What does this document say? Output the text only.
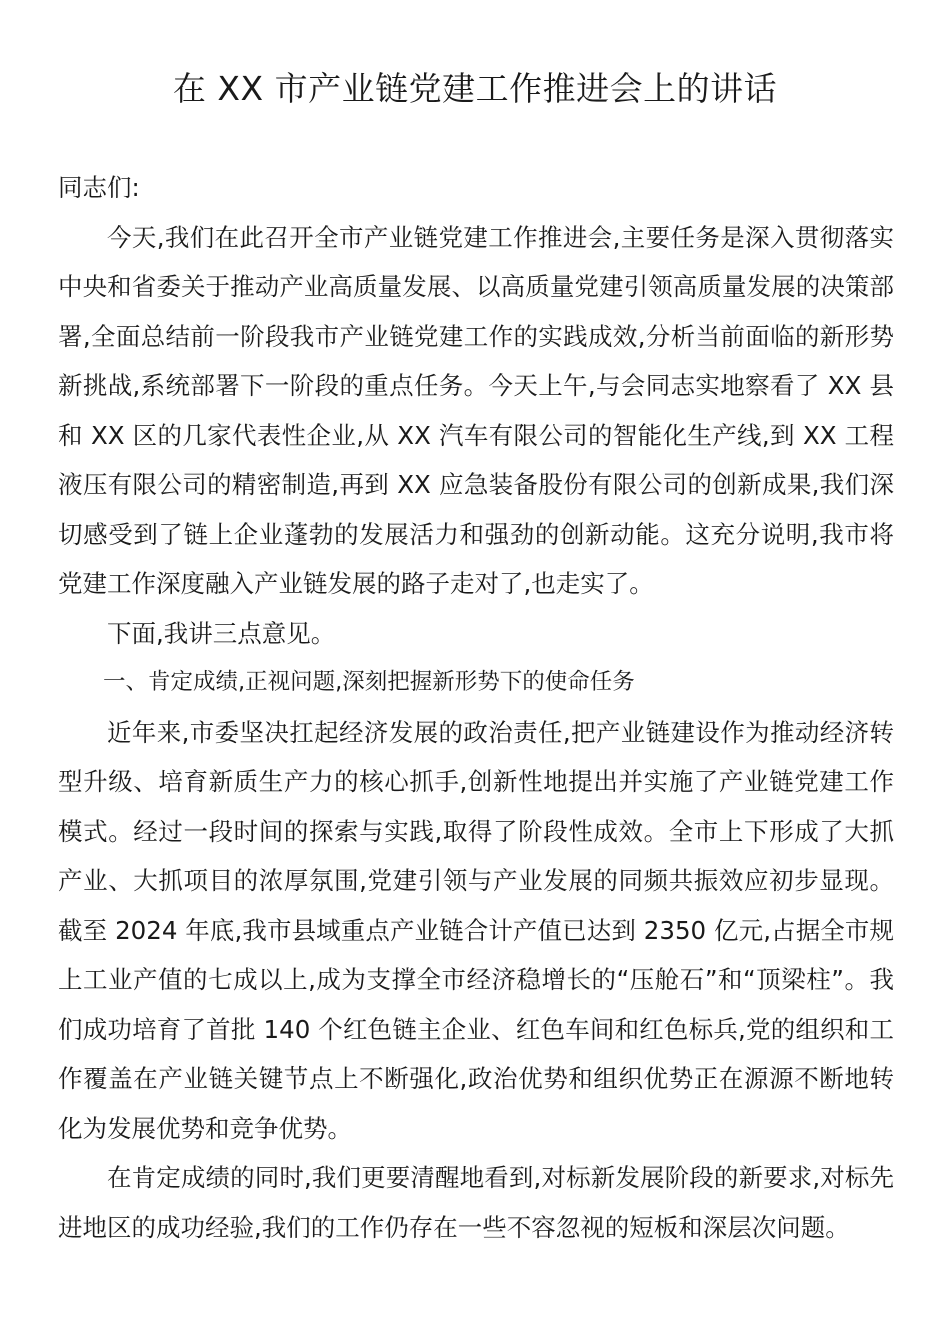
在 XX 市产业链党建工作推进会上的讲话

同志们:

今天,我们在此召开全市产业链党建工作推进会,主要任务是深入贯彻落实中央和省委关于推动产业高质量发展、以高质量党建引领高质量发展的决策部署,全面总结前一阶段我市产业链党建工作的实践成效,分析当前面临的新形势新挑战,系统部署下一阶段的重点任务。今天上午,与会同志实地察看了 XX 县和 XX 区的几家代表性企业,从 XX 汽车有限公司的智能化生产线,到 XX 工程液压有限公司的精密制造,再到 XX 应急装备股份有限公司的创新成果,我们深切感受到了链上企业蓬勃的发展活力和强劲的创新动能。这充分说明,我市将党建工作深度融入产业链发展的路子走对了,也走实了。

下面,我讲三点意见。

一、肯定成绩,正视问题,深刻把握新形势下的使命任务

近年来,市委坚决扛起经济发展的政治责任,把产业链建设作为推动经济转型升级、培育新质生产力的核心抓手,创新性地提出并实施了产业链党建工作模式。经过一段时间的探索与实践,取得了阶段性成效。全市上下形成了大抓产业、大抓项目的浓厚氛围,党建引领与产业发展的同频共振效应初步显现。截至 2024 年底,我市县域重点产业链合计产值已达到 2350 亿元,占据全市规上工业产值的七成以上,成为支撑全市经济稳增长的“压舱石”和“顶梁柱”。我们成功培育了首批 140 个红色链主企业、红色车间和红色标兵,党的组织和工作覆盖在产业链关键节点上不断强化,政治优势和组织优势正在源源不断地转化为发展优势和竞争优势。

在肯定成绩的同时,我们更要清醒地看到,对标新发展阶段的新要求,对标先进地区的成功经验,我们的工作仍存在一些不容忽视的短板和深层次问题。
